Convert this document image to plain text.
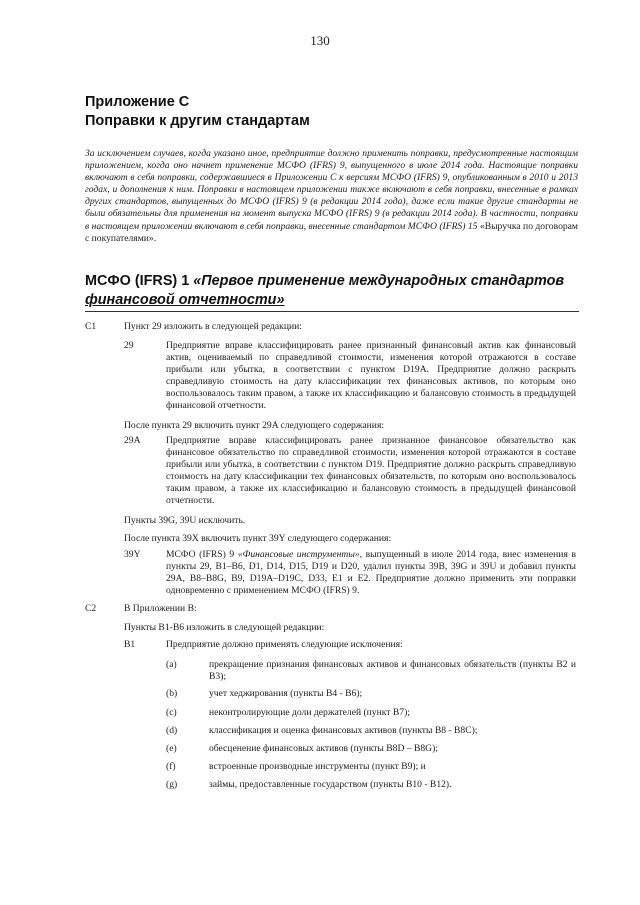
130
Приложение С
Поправки к другим стандартам
За исключением случаев, когда указано иное, предприятие должно применить поправки, предусмотренные настоящим приложением, когда оно начнет применение МСФО (IFRS) 9, выпущенного в июле 2014 года. Настоящие поправки включают в себя поправки, содержавшиеся в Приложении С к версиям МСФО (IFRS) 9, опубликованным в 2010 и 2013 годах, и дополнения к ним. Поправки в настоящем приложении также включают в себя поправки, внесенные в рамках других стандартов, выпущенных до МСФО (IFRS) 9 (в редакции 2014 года), даже если такие другие стандарты не были обязательны для применения на момент выпуска МСФО (IFRS) 9 (в редакции 2014 года). В частности, поправки в настоящем приложении включают в себя поправки, внесенные стандартом МСФО (IFRS) 15 «Выручка по договорам с покупателями».
МСФО (IFRS) 1 «Первое применение международных стандартов
финансовой отчетности»
C1	Пункт 29 изложить в следующей редакции:
29	Предприятие вправе классифицировать ранее признанный финансовый актив как финансовый актив, оцениваемый по справедливой стоимости, изменения которой отражаются в составе прибыли или убытка, в соответствии с пунктом D19A. Предприятие должно раскрыть справедливую стоимость на дату классификации тех финансовых активов, по которым оно воспользовалось таким правом, а также их классификацию и балансовую стоимость в предыдущей финансовой отчетности.
После пункта 29 включить пункт 29A следующего содержания:
29A	Предприятие вправе классифицировать ранее признанное финансовое обязательство как финансовое обязательство по справедливой стоимости, изменения которой отражаются в составе прибыли или убытка, в соответствии с пунктом D19. Предприятие должно раскрыть справедливую стоимость на дату классификации тех финансовых обязательств, по которым оно воспользовалось таким правом, а также их классификацию и балансовую стоимость в предыдущей финансовой отчетности.
Пункты 39G, 39U исключить.
После пункта 39X включить пункт 39Y следующего содержания:
39Y	МСФО (IFRS) 9 «Финансовые инструменты», выпущенный в июле 2014 года, внес изменения в пункты 29, B1–B6, D1, D14, D15, D19 и D20, удалил пункты 39B, 39G и 39U и добавил пункты 29A, B8–B8G, B9, D19A–D19C, D33, E1 и E2. Предприятие должно применить эти поправки одновременно с применением МСФО (IFRS) 9.
C2	В Приложении B:
Пункты B1-B6 изложить в следующей редакции:
B1	Предприятие должно применять следующие исключения:
(a)	прекращение признания финансовых активов и финансовых обязательств (пункты B2 и B3);
(b)	учет хеджирования (пункты B4 - B6);
(c)	неконтролирующие доли держателей (пункт B7);
(d)	классификация и оценка финансовых активов (пункты B8 - B8C);
(e)	обесценение финансовых активов (пункты B8D – B8G);
(f)	встроенные производные инструменты (пункт B9); и
(g)	займы, предоставленные государством (пункты B10 - B12).
